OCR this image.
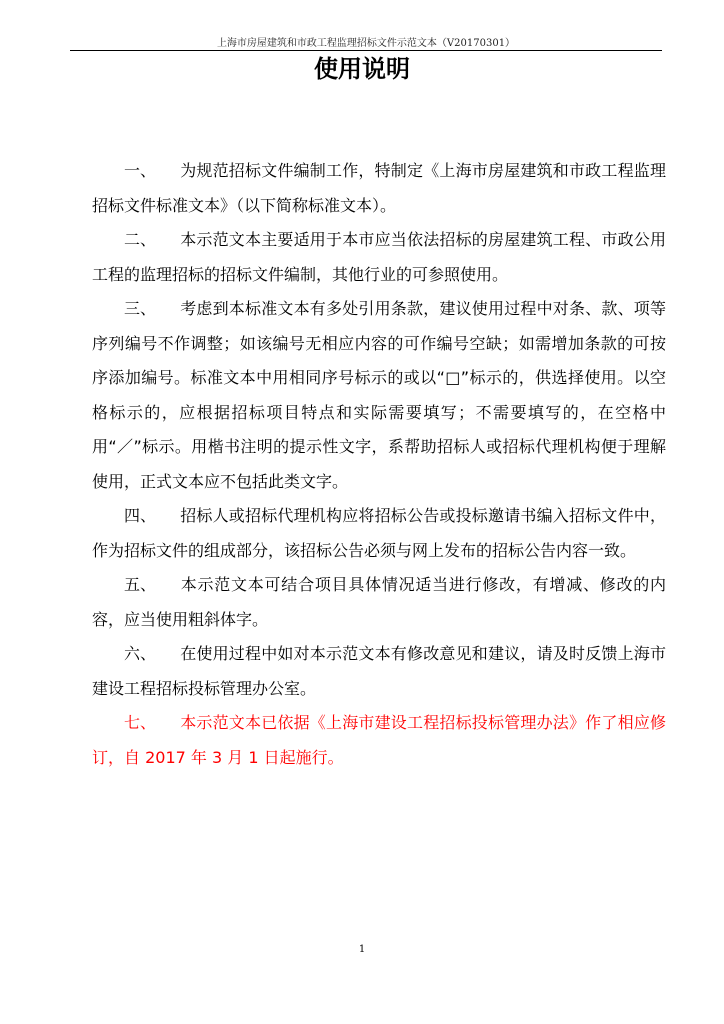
上海市房屋建筑和市政工程监理招标文件示范文本（V20170301）
使用说明

一、 为规范招标文件编制工作，特制定《上海市房屋建筑和市政工程监理招标文件标准文本》（以下简称标准文本）。

二、 本示范文本主要适用于本市应当依法招标的房屋建筑工程、市政公用工程的监理招标的招标文件编制，其他行业的可参照使用。

三、 考虑到本标准文本有多处引用条款，建议使用过程中对条、款、项等序列编号不作调整；如该编号无相应内容的可作编号空缺；如需增加条款的可按序添加编号。标准文本中用相同序号标示的或以“□”标示的，供选择使用。以空格标示的，应根据招标项目特点和实际需要填写；不需要填写的，在空格中用“／”标示。用楷书注明的提示性文字，系帮助招标人或招标代理机构便于理解使用，正式文本应不包括此类文字。

四、 招标人或招标代理机构应将招标公告或投标邀请书编入招标文件中，作为招标文件的组成部分，该招标公告必须与网上发布的招标公告内容一致。

五、 本示范文本可结合项目具体情况适当进行修改，有增减、修改的内容，应当使用粗斜体字。

六、 在使用过程中如对本示范文本有修改意见和建议，请及时反馈上海市建设工程招标投标管理办公室。

七、 本示范文本已依据《上海市建设工程招标投标管理办法》作了相应修订，自 2017 年 3 月 1 日起施行。

1
